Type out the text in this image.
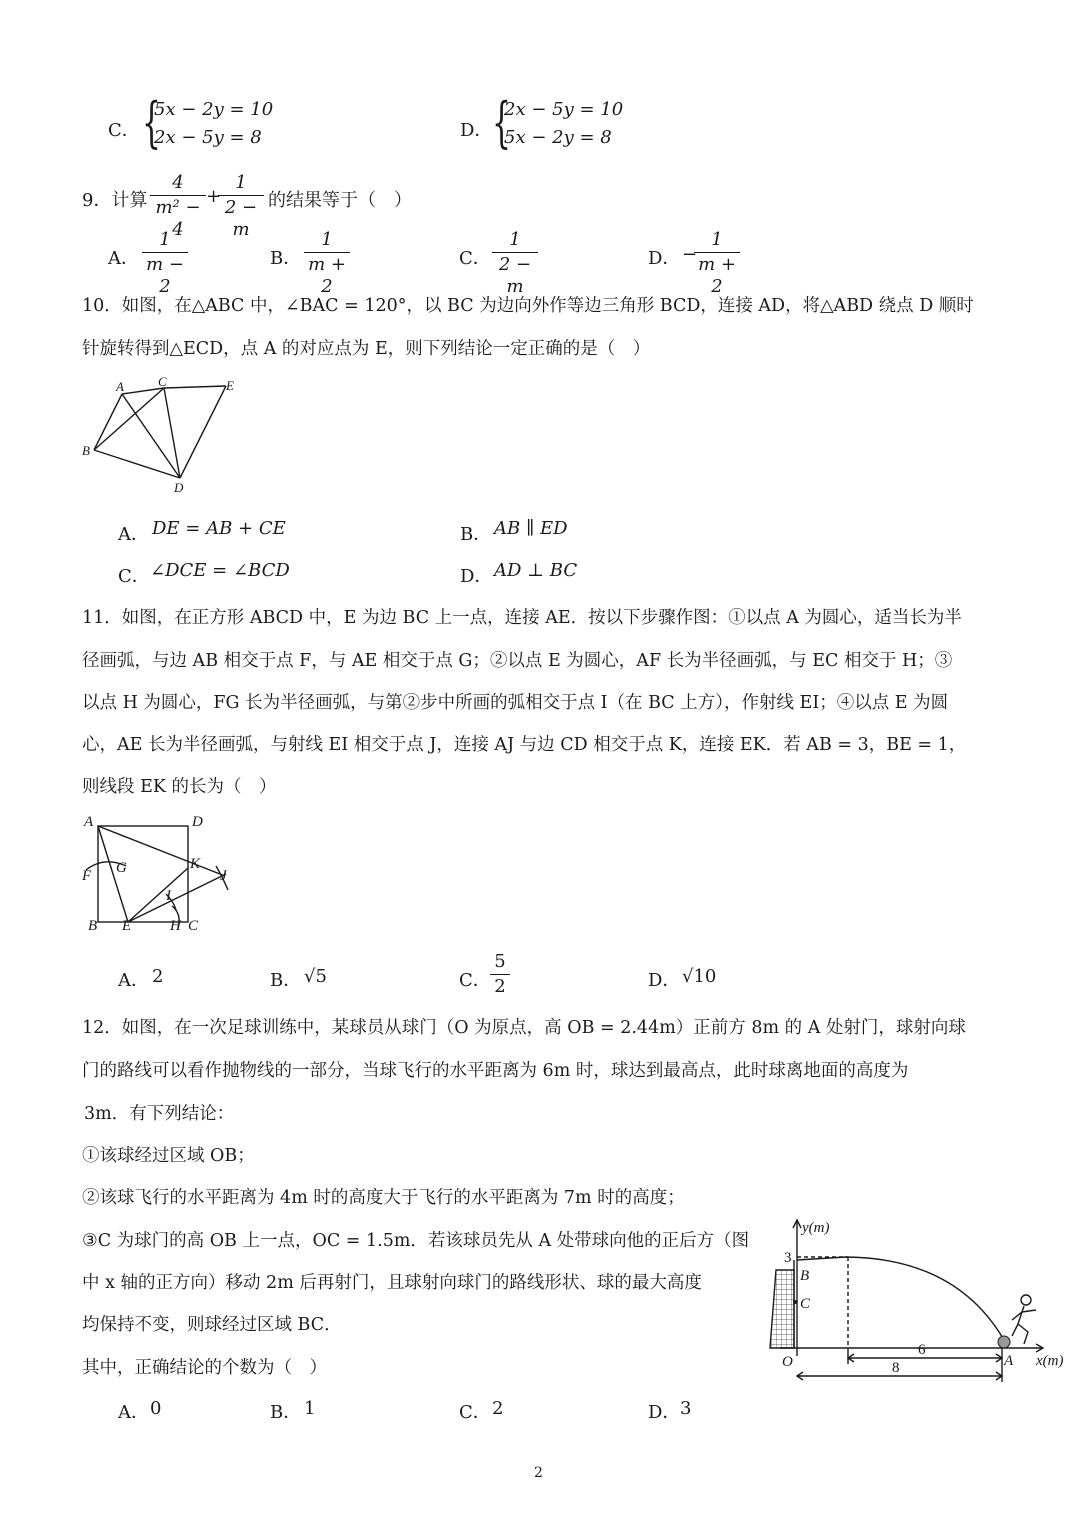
C． {
5x − 2y = 10
2x − 5y = 8	D． {
2x − 5y = 10
5x − 2y = 8
9．计算
4
m² − 4
+
1
2 − m
的结果等于（　）
A．
1
m − 2
B．
1
m + 2
C．
1
2 − m
D． −
1
m + 2
10．如图，在△ABC 中，∠BAC = 120°，以 BC 为边向外作等边三角形 BCD，连接 AD，将△ABD 绕点 D 顺时
针旋转得到△ECD，点 A 的对应点为 E，则下列结论一定正确的是（　）
A	C	E
B
D
A． DE = AB + CE	B． AB ∥ ED
C． ∠DCE = ∠BCD	D． AD ⊥ BC
11．如图，在正方形 ABCD 中，E 为边 BC 上一点，连接 AE．按以下步骤作图：①以点 A 为圆心，适当长为半
径画弧，与边 AB 相交于点 F，与 AE 相交于点 G；②以点 E 为圆心，AF 长为半径画弧，与 EC 相交于 H；③
以点 H 为圆心，FG 长为半径画弧，与第②步中所画的弧相交于点 I（在 BC 上方），作射线 EI；④以点 E 为圆
心，AE 长为半径画弧，与射线 EI 相交于点 J，连接 AJ 与边 CD 相交于点 K，连接 EK．若 AB = 3，BE = 1，
则线段 EK 的长为（　）
A	D
F G	K
J
I
B E	H C
A． 2	B． √5	C．
5
2	D． √10
12．如图，在一次足球训练中，某球员从球门（O 为原点，高 OB = 2.44m）正前方 8m 的 A 处射门，球射向球
门的路线可以看作抛物线的一部分，当球飞行的水平距离为 6m 时，球达到最高点，此时球离地面的高度为
3m．有下列结论：
①该球经过区域 OB；
②该球飞行的水平距离为 4m 时的高度大于飞行的水平距离为 7m 时的高度；
③C 为球门的高 OB 上一点，OC = 1.5m．若该球员先从 A 处带球向他的正后方（图
中 x 轴的正方向）移动 2m 后再射门，且球射向球门的路线形状、球的最大高度
均保持不变，则球经过区域 BC．
其中，正确结论的个数为（　）
y(m)
x(m)
3
B
C
O	A
6
8
A． 0	B． 1	C． 2	D． 3
2
